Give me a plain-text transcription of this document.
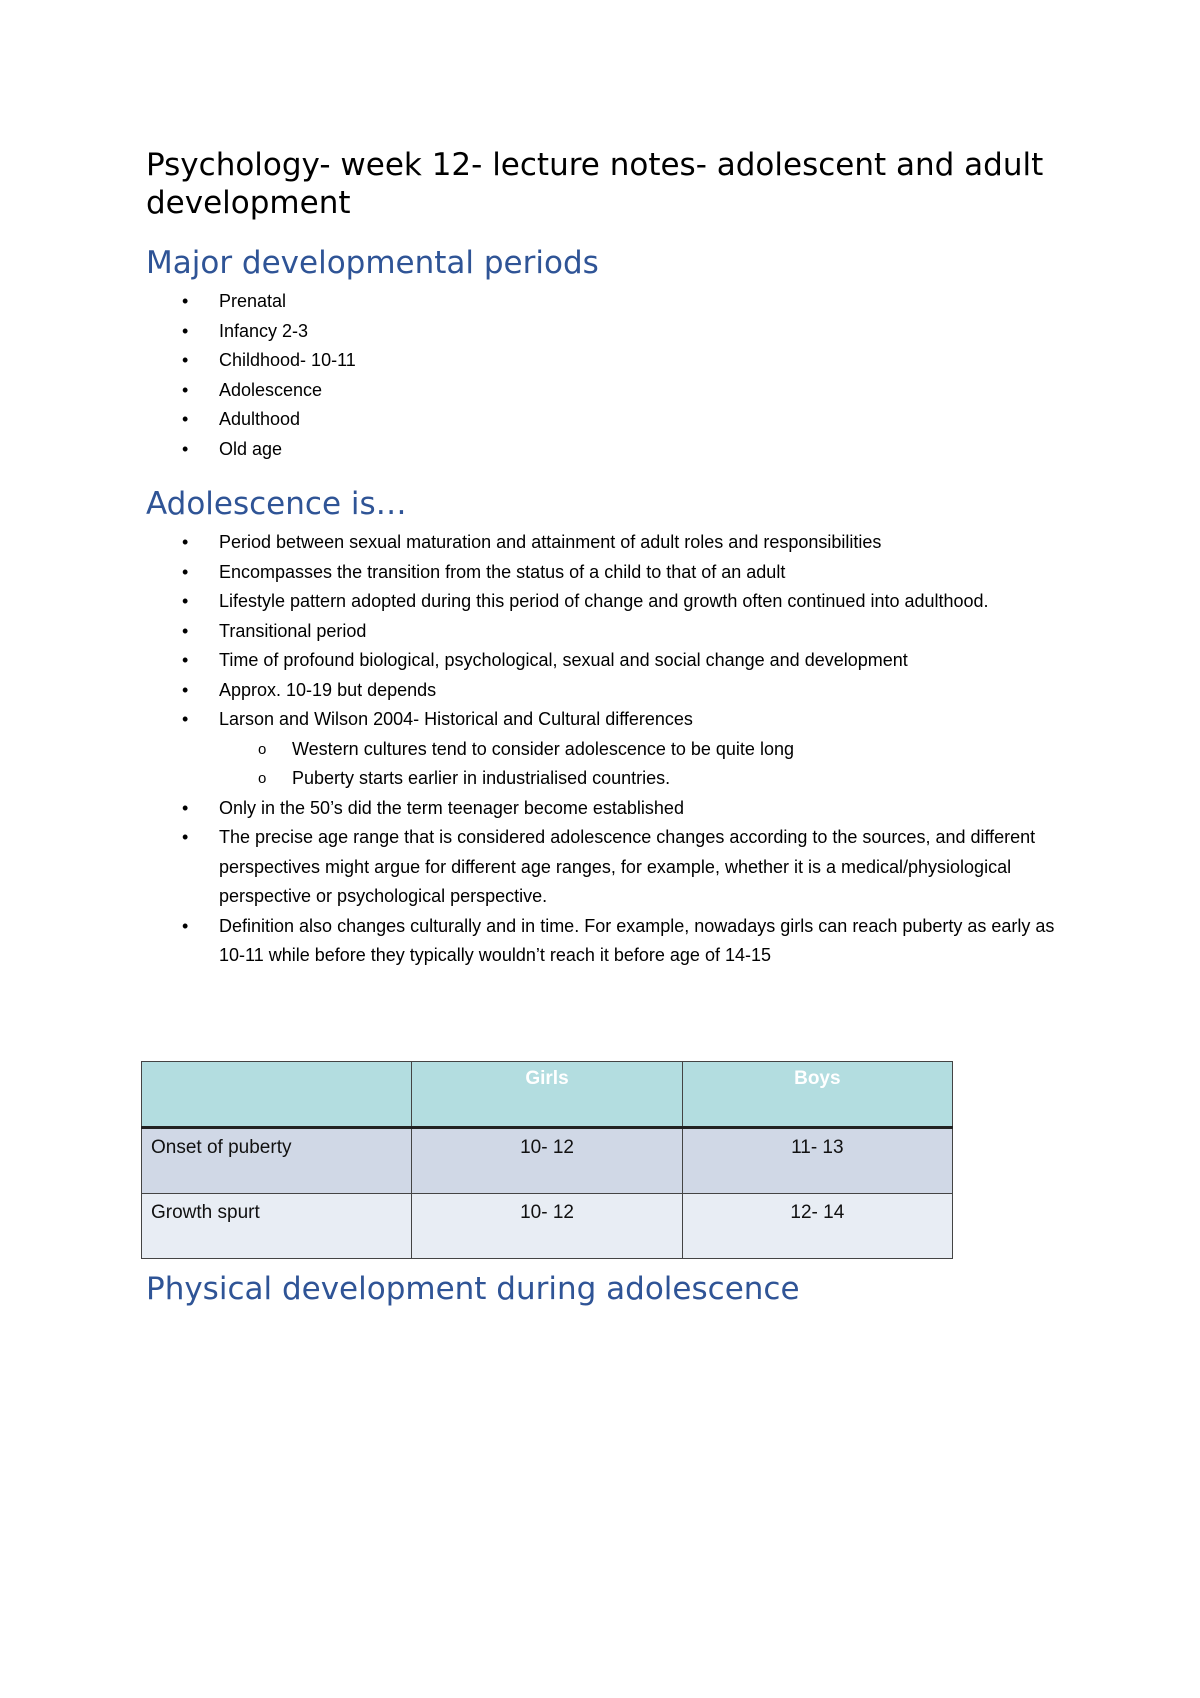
Psychology- week 12- lecture notes- adolescent and adult development
Major developmental periods
• Prenatal
• Infancy 2-3
• Childhood- 10-11
• Adolescence
• Adulthood
• Old age
Adolescence is…
• Period between sexual maturation and attainment of adult roles and responsibilities
• Encompasses the transition from the status of a child to that of an adult
• Lifestyle pattern adopted during this period of change and growth often continued into adulthood.
• Transitional period
• Time of profound biological, psychological, sexual and social change and development
• Approx. 10-19 but depends
• Larson and Wilson 2004- Historical and Cultural differences
o Western cultures tend to consider adolescence to be quite long
o Puberty starts earlier in industrialised countries.
• Only in the 50’s did the term teenager become established
• The precise age range that is considered adolescence changes according to the sources, and different perspectives might argue for different age ranges, for example, whether it is a medical/physiological perspective or psychological perspective.
• Definition also changes culturally and in time. For example, nowadays girls can reach puberty as early as 10-11 while before they typically wouldn’t reach it before age of 14-15
	Girls	Boys
Onset of puberty	10- 12	11- 13
Growth spurt	10- 12	12- 14
Physical development during adolescence
